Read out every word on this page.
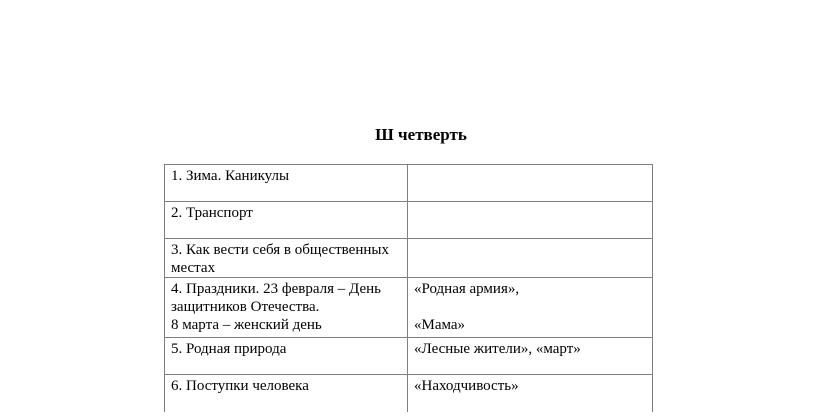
Ш четверть
1. Зима. Каникулы	

2. Транспорт	

3. Как вести себя в общественных
местах	

4. Праздники. 23 февраля – День
защитников Отечества.
8 марта – женский день	«Родная армия»,
«Мама»

5. Родная природа	«Лесные жители», «март»

6. Поступки человека	«Находчивость»
